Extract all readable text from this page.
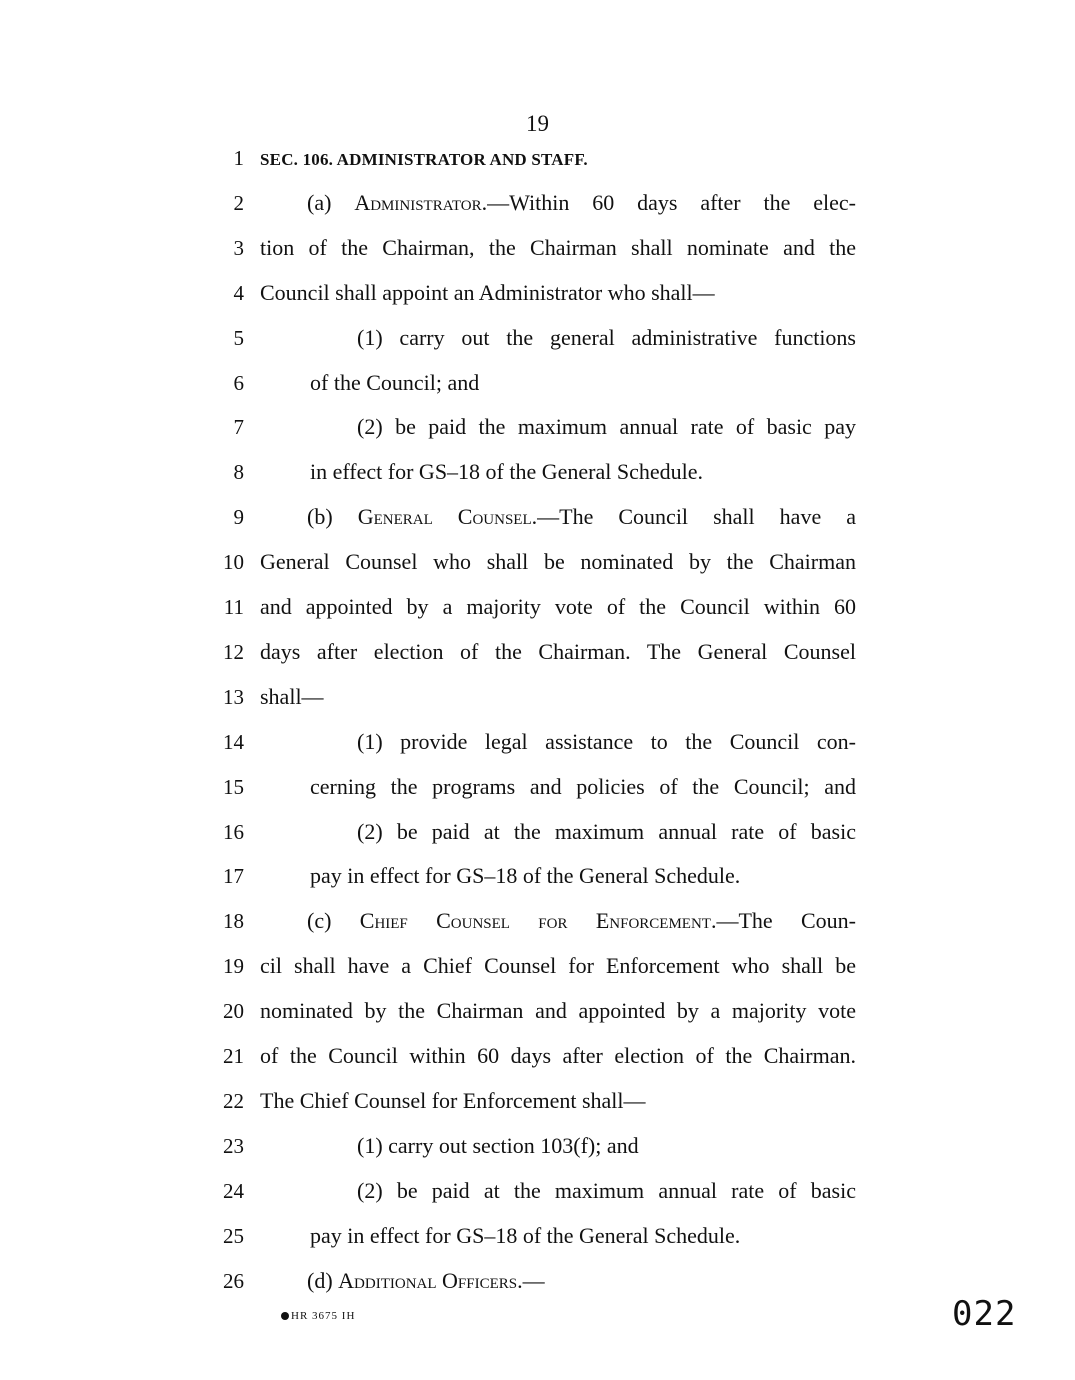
19
1 SEC. 106. ADMINISTRATOR AND STAFF.
2	(a) Administrator.—Within 60 days after the elec-
3 tion of the Chairman, the Chairman shall nominate and the
4 Council shall appoint an Administrator who shall—
5	(1) carry out the general administrative functions
6	of the Council; and
7	(2) be paid the maximum annual rate of basic pay
8	in effect for GS–18 of the General Schedule.
9	(b) General Counsel.—The Council shall have a
10 General Counsel who shall be nominated by the Chairman
11 and appointed by a majority vote of the Council within 60
12 days after election of the Chairman. The General Counsel
13 shall—
14	(1) provide legal assistance to the Council con-
15	cerning the programs and policies of the Council; and
16	(2) be paid at the maximum annual rate of basic
17	pay in effect for GS–18 of the General Schedule.
18	(c) Chief Counsel for Enforcement.—The Coun-
19 cil shall have a Chief Counsel for Enforcement who shall be
20 nominated by the Chairman and appointed by a majority vote
21 of the Council within 60 days after election of the Chairman.
22 The Chief Counsel for Enforcement shall—
23	(1) carry out section 103(f); and
24	(2) be paid at the maximum annual rate of basic
25	pay in effect for GS–18 of the General Schedule.
26	(d) Additional Officers.—
HR 3675 IH	022
